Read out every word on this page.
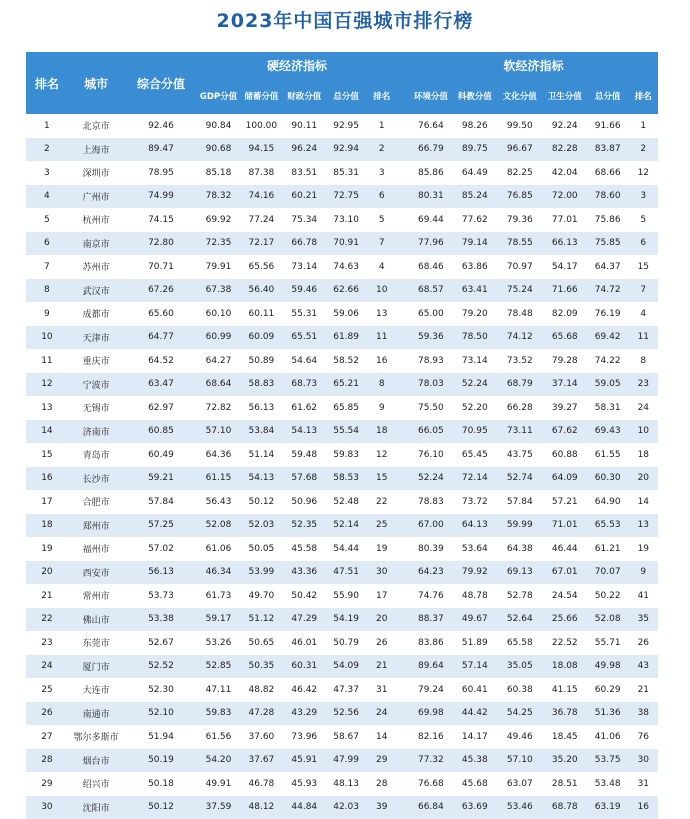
2023年中国百强城市排行榜
排名	城市	综合分值	硬经济指标						软经济指标					
			GDP分值	储蓄分值	财政分值	总分值	排名		环境分值	科教分值	文化分值	卫生分值	总分值	排名
1	北京市	92.46	90.84	100.00	90.11	92.95	1		76.64	98.26	99.50	92.24	91.66	1
2	上海市	89.47	90.68	94.15	96.24	92.94	2		66.79	89.75	96.67	82.28	83.87	2
3	深圳市	78.95	85.18	87.38	83.51	85.31	3		85.86	64.49	82.25	42.04	68.66	12
4	广州市	74.99	78.32	74.16	60.21	72.75	6		80.31	85.24	76.85	72.00	78.60	3
5	杭州市	74.15	69.92	77.24	75.34	73.10	5		69.44	77.62	79.36	77.01	75.86	5
6	南京市	72.80	72.35	72.17	66.78	70.91	7		77.96	79.14	78.55	66.13	75.85	6
7	苏州市	70.71	79.91	65.56	73.14	74.63	4		68.46	63.86	70.97	54.17	64.37	15
8	武汉市	67.26	67.38	56.40	59.46	62.66	10		68.57	63.41	75.24	71.66	74.72	7
9	成都市	65.60	60.10	60.11	55.31	59.06	13		65.00	79.20	78.48	82.09	76.19	4
10	天津市	64.77	60.99	60.09	65.51	61.89	11		59.36	78.50	74.12	65.68	69.42	11
11	重庆市	64.52	64.27	50.89	54.64	58.52	16		78.93	73.14	73.52	79.28	74.22	8
12	宁波市	63.47	68.64	58.83	68.73	65.21	8		78.03	52.24	68.79	37.14	59.05	23
13	无锡市	62.97	72.82	56.13	61.62	65.85	9		75.50	52.20	66.28	39.27	58.31	24
14	济南市	60.85	57.10	53.84	54.13	55.54	18		66.05	70.95	73.11	67.62	69.43	10
15	青岛市	60.49	64.36	51.14	59.48	59.83	12		76.10	65.45	43.75	60.88	61.55	18
16	长沙市	59.21	61.15	54.13	57.68	58.53	15		52.24	72.14	52.74	64.09	60.30	20
17	合肥市	57.84	56.43	50.12	50.96	52.48	22		78.83	73.72	57.84	57.21	64.90	14
18	郑州市	57.25	52.08	52.03	52.35	52.14	25		67.00	64.13	59.99	71.01	65.53	13
19	福州市	57.02	61.06	50.05	45.58	54.44	19		80.39	53.64	64.38	46.44	61.21	19
20	西安市	56.13	46.34	53.99	43.36	47.51	30		64.23	79.92	69.13	67.01	70.07	9
21	常州市	53.73	61.73	49.70	50.42	55.90	17		74.76	48.78	52.78	24.54	50.22	41
22	佛山市	53.38	59.17	51.12	47.29	54.19	20		88.37	49.67	52.64	25.66	52.08	35
23	东莞市	52.67	53.26	50.65	46.01	50.79	26		83.86	51.89	65.58	22.52	55.71	26
24	厦门市	52.52	52.85	50.35	60.31	54.09	21		89.64	57.14	35.05	18.08	49.98	43
25	大连市	52.30	47.11	48.82	46.42	47.37	31		79.24	60.41	60.38	41.15	60.29	21
26	南通市	52.10	59.83	47.28	43.29	52.56	24		69.98	44.42	54.25	36.78	51.36	38
27	鄂尔多斯市	51.94	61.56	37.60	73.96	58.67	14		82.16	14.17	49.46	18.45	41.06	76
28	烟台市	50.19	54.20	37.67	45.91	47.99	29		77.32	45.38	57.10	35.20	53.75	30
29	绍兴市	50.18	49.91	46.78	45.93	48.13	28		76.68	45.68	63.07	28.51	53.48	31
30	沈阳市	50.12	37.59	48.12	44.84	42.03	39		66.84	63.69	53.46	68.78	63.19	16
